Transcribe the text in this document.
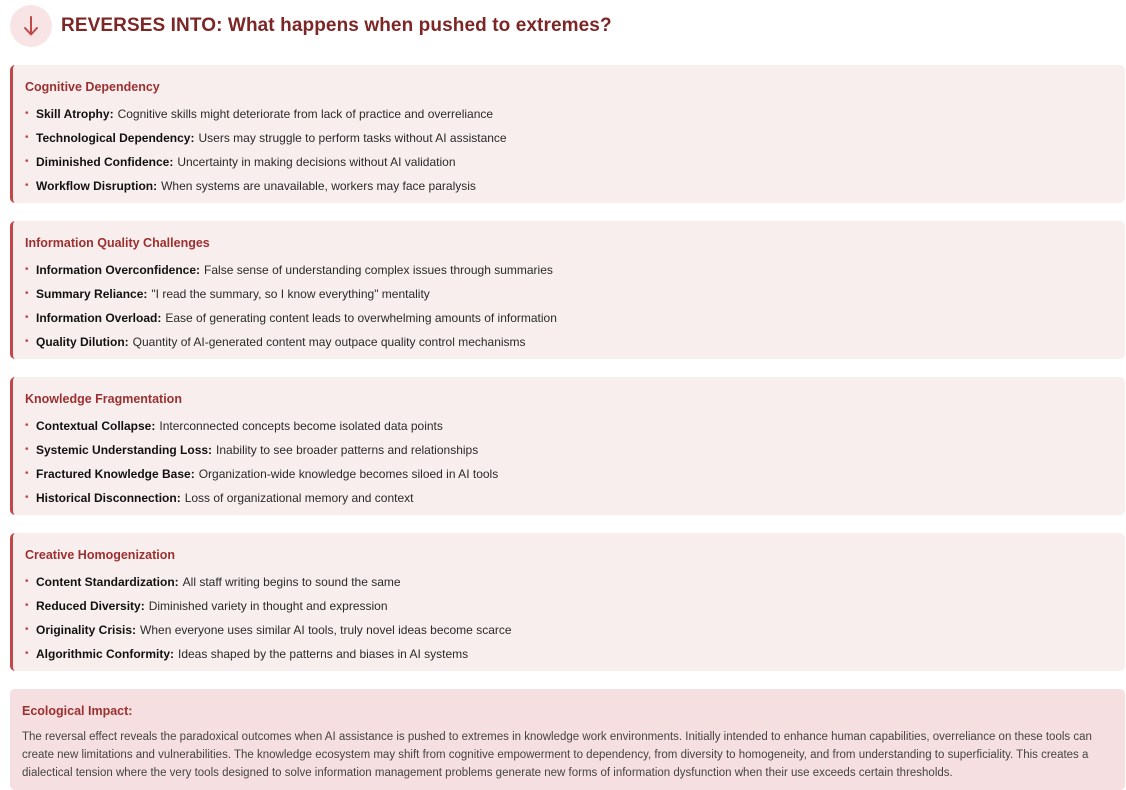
REVERSES INTO: What happens when pushed to extremes?
Cognitive Dependency
• Skill Atrophy: Cognitive skills might deteriorate from lack of practice and overreliance
• Technological Dependency: Users may struggle to perform tasks without AI assistance
• Diminished Confidence: Uncertainty in making decisions without AI validation
• Workflow Disruption: When systems are unavailable, workers may face paralysis
Information Quality Challenges
• Information Overconfidence: False sense of understanding complex issues through summaries
• Summary Reliance: "I read the summary, so I know everything" mentality
• Information Overload: Ease of generating content leads to overwhelming amounts of information
• Quality Dilution: Quantity of AI-generated content may outpace quality control mechanisms
Knowledge Fragmentation
• Contextual Collapse: Interconnected concepts become isolated data points
• Systemic Understanding Loss: Inability to see broader patterns and relationships
• Fractured Knowledge Base: Organization-wide knowledge becomes siloed in AI tools
• Historical Disconnection: Loss of organizational memory and context
Creative Homogenization
• Content Standardization: All staff writing begins to sound the same
• Reduced Diversity: Diminished variety in thought and expression
• Originality Crisis: When everyone uses similar AI tools, truly novel ideas become scarce
• Algorithmic Conformity: Ideas shaped by the patterns and biases in AI systems
Ecological Impact:

The reversal effect reveals the paradoxical outcomes when AI assistance is pushed to extremes in knowledge work environments. Initially intended to enhance human capabilities, overreliance on these tools can create new limitations and vulnerabilities. The knowledge ecosystem may shift from cognitive empowerment to dependency, from diversity to homogeneity, and from understanding to superficiality. This creates a dialectical tension where the very tools designed to solve information management problems generate new forms of information dysfunction when their use exceeds certain thresholds.
